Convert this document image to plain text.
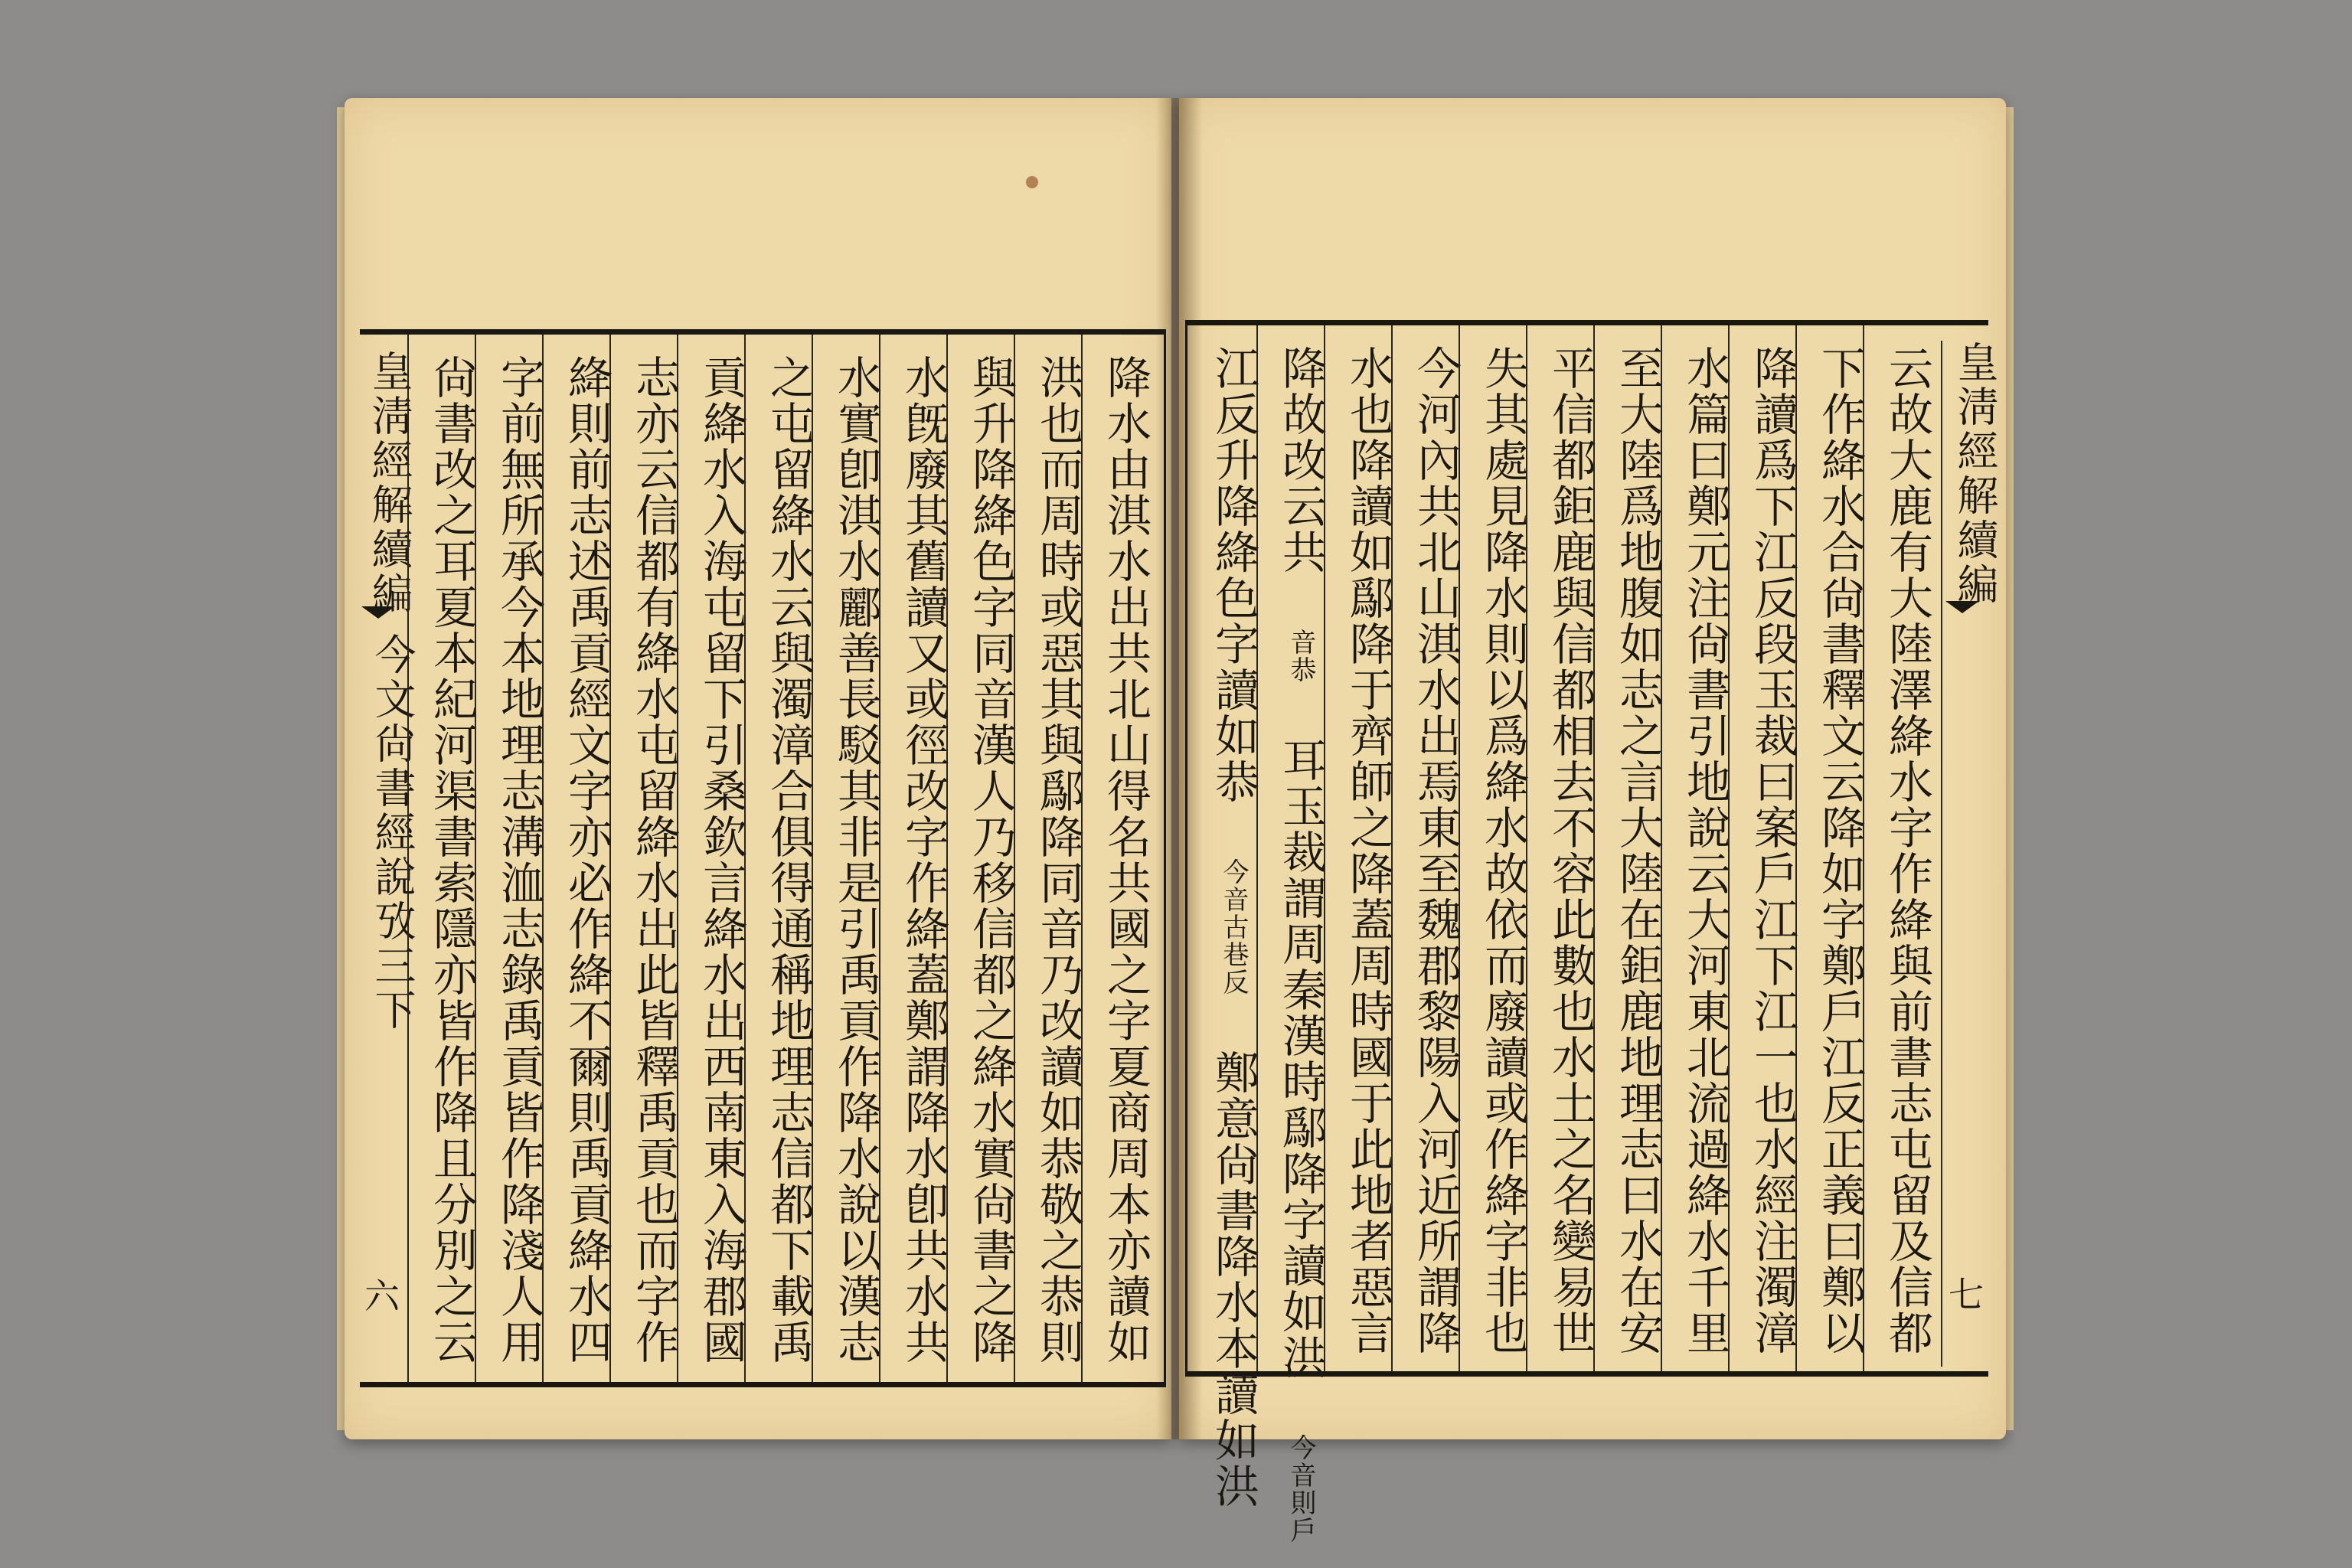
皇淸經解續編
今文尙書經說攷三下
六 尙書改之耳夏本紀河渠書索隱亦皆作降且分別之云 字前無所承今本地理志溝洫志錄禹貢皆作降淺人用 絳則前志述禹貢經文字亦必作絳不爾則禹貢絳水四 志亦云信都有絳水屯留絳水出此皆釋禹貢也而字作 貢絳水入海屯留下引桑欽言絳水出西南東入海郡國 之屯留絳水云與濁漳合俱得通稱地理志信都下載禹 水實卽淇水酈善長駁其非是引禹貢作降水說以漢志 水旣廢其舊讀又或徑改字作絳蓋鄭謂降水卽共水共 與升降絳色字同音漢人乃移信都之絳水實尙書之降 洪也而周時或惡其與鄬降同音乃改讀如恭敬之恭則 降水由淇水出共北山得名共國之字夏商周本亦讀如	江反升降絳色字讀如恭 今音古巷反 鄭意尙書降水本讀如洪
降故改云共 音恭 耳玉裁謂周秦漢時鄬降字讀如洪 今音則戶
水也降讀如鄬降于齊師之降蓋周時國于此地者惡言 今河內共北山淇水出焉東至魏郡黎陽入河近所謂降 失其處見降水則以爲絳水故依而廢讀或作絳字非也 平信都鉅鹿與信都相去不容此數也水土之名變易世 至大陸爲地腹如志之言大陸在鉅鹿地理志曰水在安 水篇曰鄭元注尙書引地說云大河東北流過絳水千里 降讀爲下江反段玉裁曰案戶江下江一也水經注濁漳 下作絳水合尙書釋文云降如字鄭戶江反正義曰鄭以 云故大鹿有大陸澤絳水字作絳與前書志屯留及信都 皇淸經解續編
七
